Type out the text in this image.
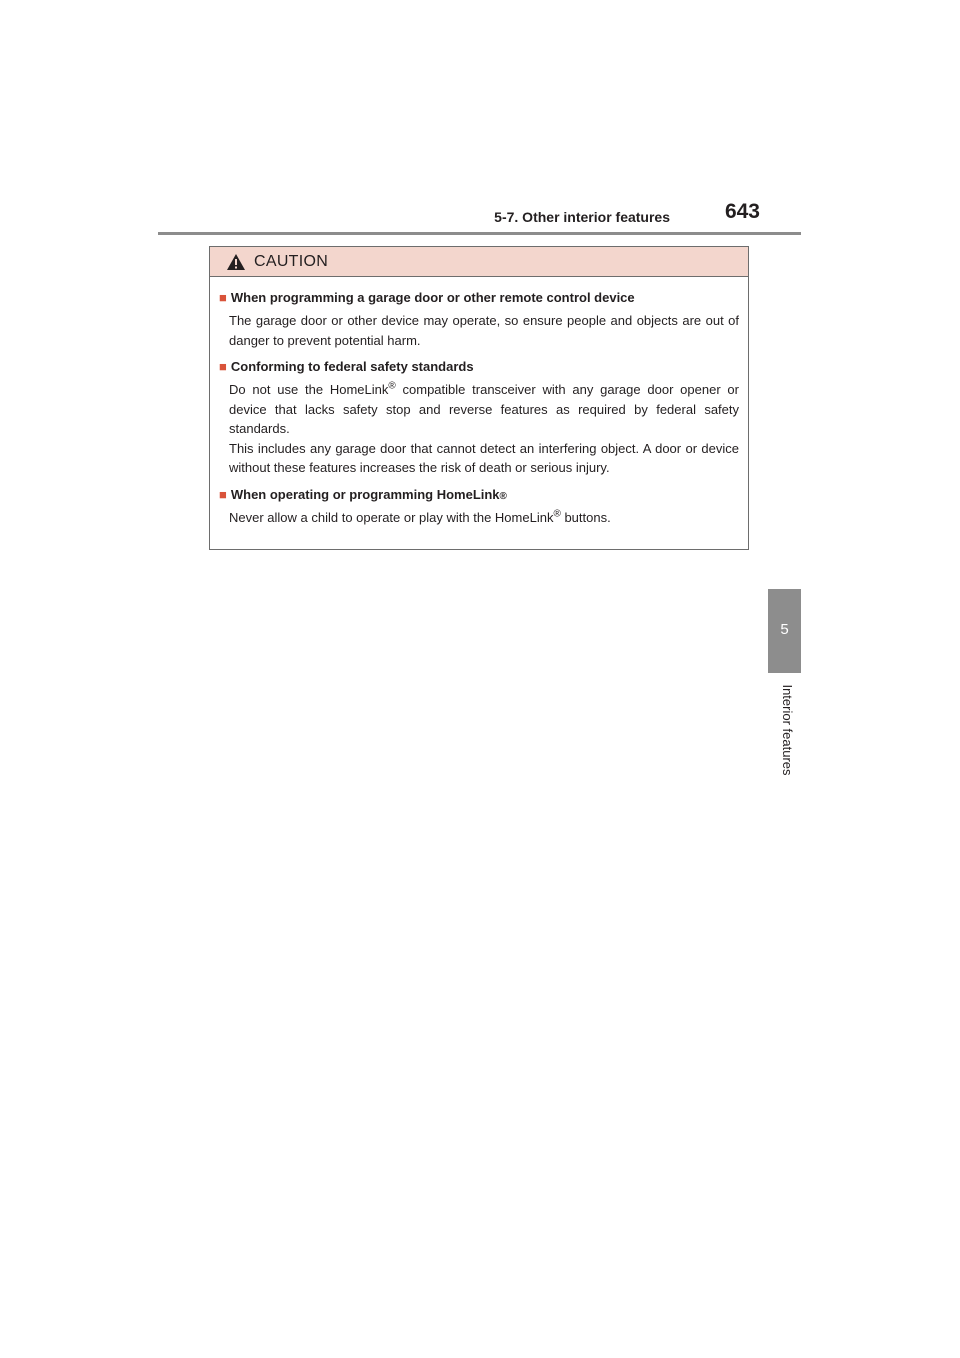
5-7. Other interior features	643
5
Interior features
CAUTION
■ When programming a garage door or other remote control device
The garage door or other device may operate, so ensure people and objects are out of danger to prevent potential harm.
■ Conforming to federal safety standards
Do not use the HomeLink® compatible transceiver with any garage door opener or device that lacks safety stop and reverse features as required by federal safety standards.
This includes any garage door that cannot detect an interfering object. A door or device without these features increases the risk of death or serious injury.
■ When operating or programming HomeLink ®
Never allow a child to operate or play with the HomeLink® buttons.
